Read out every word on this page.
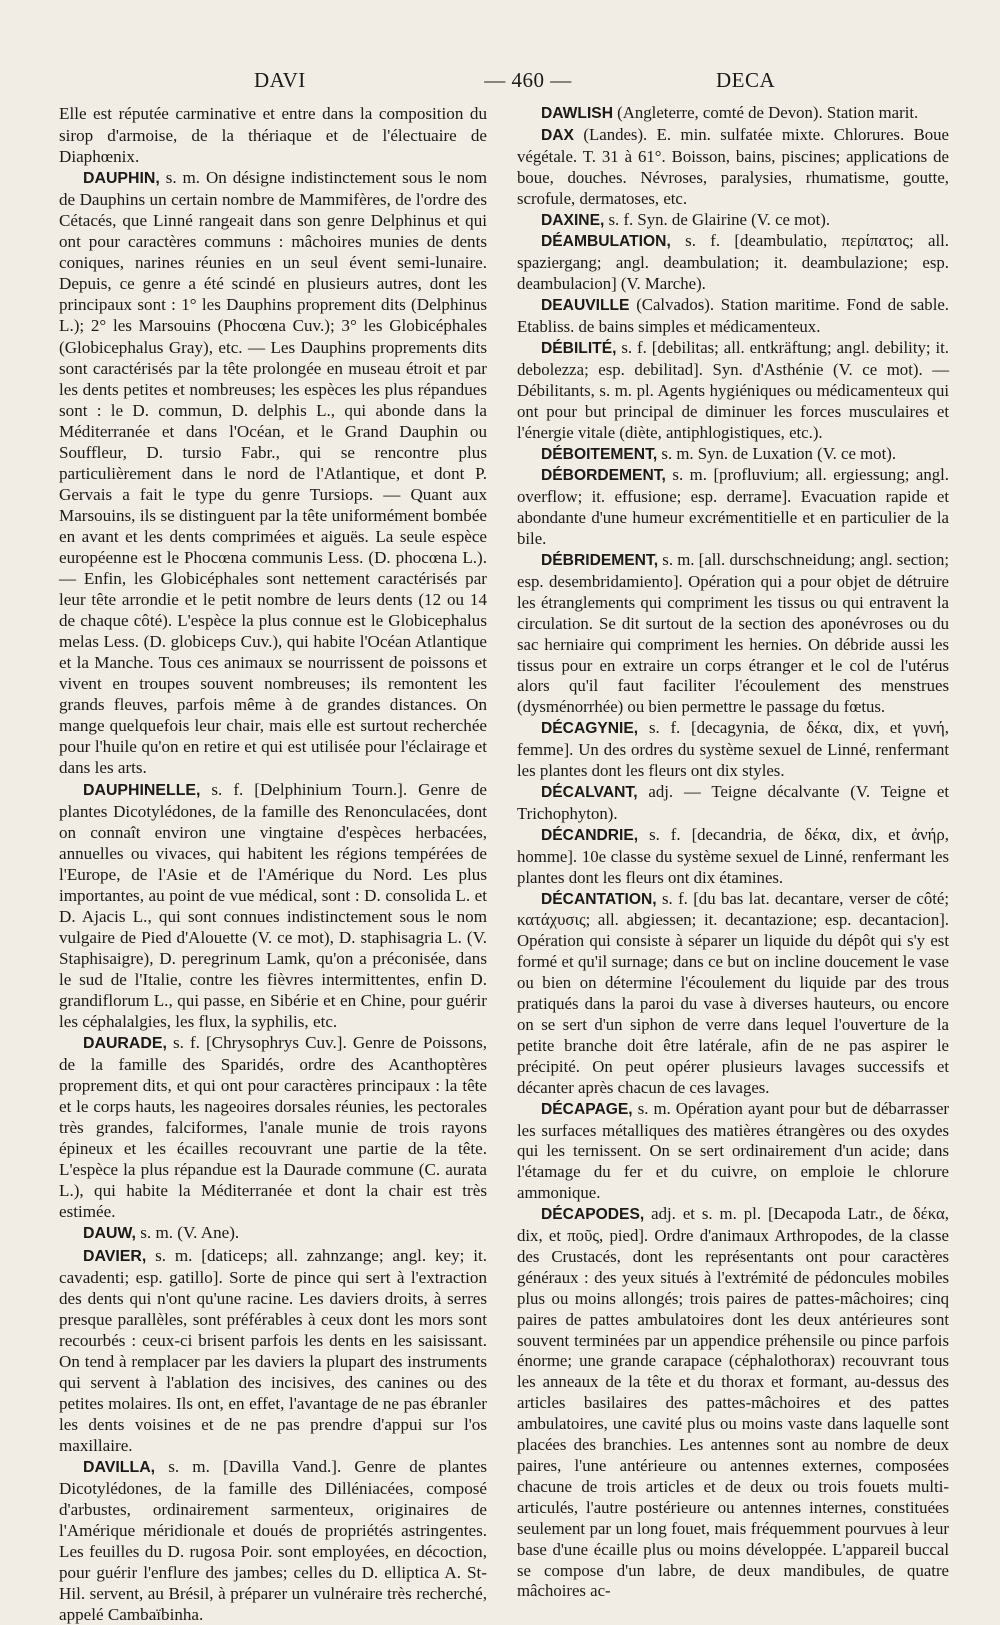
DAVI	— 460 —	DECA

Elle est réputée carminative et entre dans la composition du sirop d'armoise, de la thériaque et de l'électuaire de Diaphœnix.

DAUPHIN, s. m. On désigne indistinctement sous le nom de Dauphins un certain nombre de Mammifères, de l'ordre des Cétacés, que Linné rangeait dans son genre Delphinus et qui ont pour caractères communs : mâchoires munies de dents coniques, narines réunies en un seul évent semi-lunaire. Depuis, ce genre a été scindé en plusieurs autres, dont les principaux sont : 1° les Dauphins proprement dits (Delphinus L.); 2° les Marsouins (Phocœna Cuv.); 3° les Globicéphales (Globicephalus Gray), etc. — Les Dauphins proprements dits sont caractérisés par la tête prolongée en museau étroit et par les dents petites et nombreuses; les espèces les plus répandues sont : le D. commun, D. delphis L., qui abonde dans la Méditerranée et dans l'Océan, et le Grand Dauphin ou Souffleur, D. tursio Fabr., qui se rencontre plus particulièrement dans le nord de l'Atlantique, et dont P. Gervais a fait le type du genre Tursiops. — Quant aux Marsouins, ils se distinguent par la tête uniformément bombée en avant et les dents comprimées et aiguës. La seule espèce européenne est le Phocœna communis Less. (D. phocœna L.). — Enfin, les Globicéphales sont nettement caractérisés par leur tête arrondie et le petit nombre de leurs dents (12 ou 14 de chaque côté). L'espèce la plus connue est le Globicephalus melas Less. (D. globiceps Cuv.), qui habite l'Océan Atlantique et la Manche. Tous ces animaux se nourrissent de poissons et vivent en troupes souvent nombreuses; ils remontent les grands fleuves, parfois même à de grandes distances. On mange quelquefois leur chair, mais elle est surtout recherchée pour l'huile qu'on en retire et qui est utilisée pour l'éclairage et dans les arts.

DAUPHINELLE, s. f. [Delphinium Tourn.]. Genre de plantes Dicotylédones, de la famille des Renonculacées, dont on connaît environ une vingtaine d'espèces herbacées, annuelles ou vivaces, qui habitent les régions tempérées de l'Europe, de l'Asie et de l'Amérique du Nord. Les plus importantes, au point de vue médical, sont : D. consolida L. et D. Ajacis L., qui sont connues indistinctement sous le nom vulgaire de Pied d'Alouette (V. ce mot), D. staphisagria L. (V. Staphisaigre), D. peregrinum Lamk, qu'on a préconisée, dans le sud de l'Italie, contre les fièvres intermittentes, enfin D. grandiflorum L., qui passe, en Sibérie et en Chine, pour guérir les céphalalgies, les flux, la syphilis, etc.

DAURADE, s. f. [Chrysophrys Cuv.]. Genre de Poissons, de la famille des Sparidés, ordre des Acanthoptères proprement dits, et qui ont pour caractères principaux : la tête et le corps hauts, les nageoires dorsales réunies, les pectorales très grandes, falciformes, l'anale munie de trois rayons épineux et les écailles recouvrant une partie de la tête. L'espèce la plus répandue est la Daurade commune (C. aurata L.), qui habite la Méditerranée et dont la chair est très estimée.

DAUW, s. m. (V. Ane).

DAVIER, s. m. [daticeps; all. zahnzange; angl. key; it. cavadenti; esp. gatillo]. Sorte de pince qui sert à l'extraction des dents qui n'ont qu'une racine. Les daviers droits, à serres presque parallèles, sont préférables à ceux dont les mors sont recourbés : ceux-ci brisent parfois les dents en les saisissant. On tend à remplacer par les daviers la plupart des instruments qui servent à l'ablation des incisives, des canines ou des petites molaires. Ils ont, en effet, l'avantage de ne pas ébranler les dents voisines et de ne pas prendre d'appui sur l'os maxillaire.

DAVILLA, s. m. [Davilla Vand.]. Genre de plantes Dicotylédones, de la famille des Dilléniacées, composé d'arbustes, ordinairement sarmenteux, originaires de l'Amérique méridionale et doués de propriétés astringentes. Les feuilles du D. rugosa Poir. sont employées, en décoction, pour guérir l'enflure des jambes; celles du D. elliptica A. St-Hil. servent, au Brésil, à préparer un vulnéraire très recherché, appelé Cambaïbinha.

DAWLISH (Angleterre, comté de Devon). Station marit.

DAX (Landes). E. min. sulfatée mixte. Chlorures. Boue végétale. T. 31 à 61°. Boisson, bains, piscines; applications de boue, douches. Névroses, paralysies, rhumatisme, goutte, scrofule, dermatoses, etc.

DAXINE, s. f. Syn. de Glairine (V. ce mot).

DÉAMBULATION, s. f. [deambulatio, περίπατος; all. spaziergang; angl. deambulation; it. deambulazione; esp. deambulacion] (V. Marche).

DEAUVILLE (Calvados). Station maritime. Fond de sable. Etabliss. de bains simples et médicamenteux.

DÉBILITÉ, s. f. [debilitas; all. entkräftung; angl. debility; it. debolezza; esp. debilitad]. Syn. d'Asthénie (V. ce mot). — Débilitants, s. m. pl. Agents hygiéniques ou médicamenteux qui ont pour but principal de diminuer les forces musculaires et l'énergie vitale (diète, antiphlogistiques, etc.).

DÉBOITEMENT, s. m. Syn. de Luxation (V. ce mot).

DÉBORDEMENT, s. m. [profluvium; all. ergiessung; angl. overflow; it. effusione; esp. derrame]. Evacuation rapide et abondante d'une humeur excrémentitielle et en particulier de la bile.

DÉBRIDEMENT, s. m. [all. durschschneidung; angl. section; esp. desembridamiento]. Opération qui a pour objet de détruire les étranglements qui compriment les tissus ou qui entravent la circulation. Se dit surtout de la section des aponévroses ou du sac herniaire qui compriment les hernies. On débride aussi les tissus pour en extraire un corps étranger et le col de l'utérus alors qu'il faut faciliter l'écoulement des menstrues (dysménorrhée) ou bien permettre le passage du fœtus.

DÉCAGYNIE, s. f. [decagynia, de δέκα, dix, et γυνή, femme]. Un des ordres du système sexuel de Linné, renfermant les plantes dont les fleurs ont dix styles.

DÉCALVANT, adj. — Teigne décalvante (V. Teigne et Trichophyton).

DÉCANDRIE, s. f. [decandria, de δέκα, dix, et ἀνήρ, homme]. 10e classe du système sexuel de Linné, renfermant les plantes dont les fleurs ont dix étamines.

DÉCANTATION, s. f. [du bas lat. decantare, verser de côté; κατάχυσις; all. abgiessen; it. decantazione; esp. decantacion]. Opération qui consiste à séparer un liquide du dépôt qui s'y est formé et qu'il surnage; dans ce but on incline doucement le vase ou bien on détermine l'écoulement du liquide par des trous pratiqués dans la paroi du vase à diverses hauteurs, ou encore on se sert d'un siphon de verre dans lequel l'ouverture de la petite branche doit être latérale, afin de ne pas aspirer le précipité. On peut opérer plusieurs lavages successifs et décanter après chacun de ces lavages.

DÉCAPAGE, s. m. Opération ayant pour but de débarrasser les surfaces métalliques des matières étrangères ou des oxydes qui les ternissent. On se sert ordinairement d'un acide; dans l'étamage du fer et du cuivre, on emploie le chlorure ammonique.

DÉCAPODES, adj. et s. m. pl. [Decapoda Latr., de δέκα, dix, et ποῦς, pied]. Ordre d'animaux Arthropodes, de la classe des Crustacés, dont les représentants ont pour caractères généraux : des yeux situés à l'extrémité de pédoncules mobiles plus ou moins allongés; trois paires de pattes-mâchoires; cinq paires de pattes ambulatoires dont les deux antérieures sont souvent terminées par un appendice préhensile ou pince parfois énorme; une grande carapace (céphalothorax) recouvrant tous les anneaux de la tête et du thorax et formant, au-dessus des articles basilaires des pattes-mâchoires et des pattes ambulatoires, une cavité plus ou moins vaste dans laquelle sont placées des branchies. Les antennes sont au nombre de deux paires, l'une antérieure ou antennes externes, composées chacune de trois articles et de deux ou trois fouets multi-articulés, l'autre postérieure ou antennes internes, constituées seulement par un long fouet, mais fréquemment pourvues à leur base d'une écaille plus ou moins développée. L'appareil buccal se compose d'un labre, de deux mandibules, de quatre mâchoires ac-
